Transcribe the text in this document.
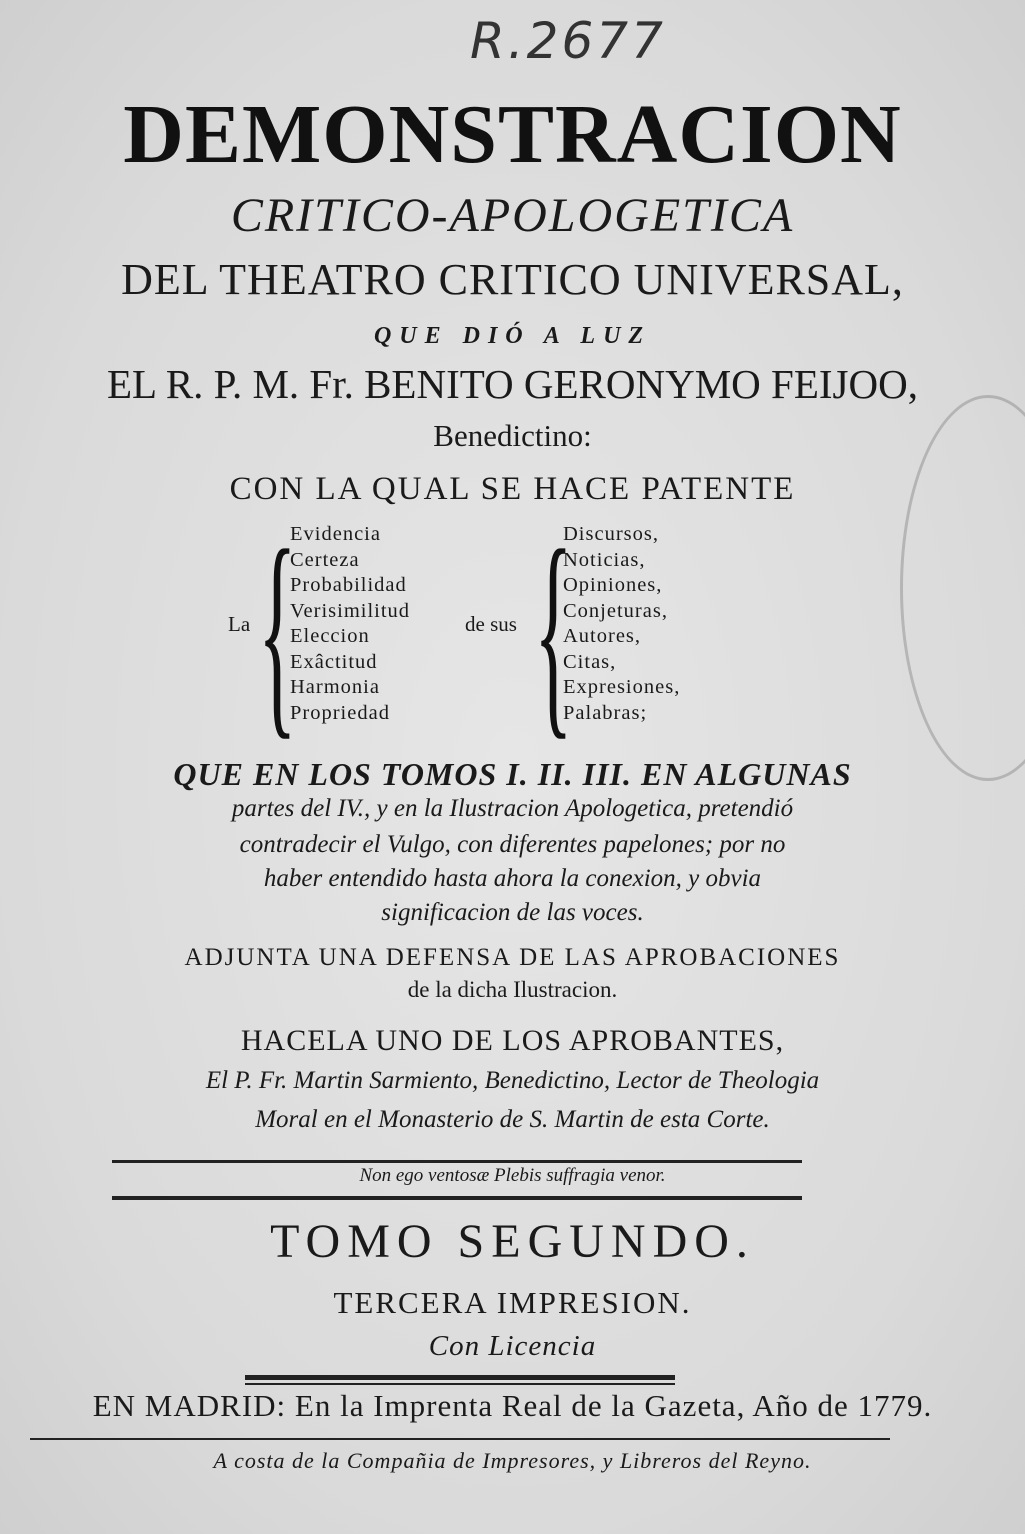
R.2677
DEMONSTRACION
CRITICO-APOLOGETICA
DEL THEATRO CRITICO UNIVERSAL,
QUE DIÓ A LUZ
EL R. P. M. Fr. BENITO GERONYMO FEIJOO,
Benedictino:
CON LA QUAL SE HACE PATENTE
La {
Evidencia
Certeza
Probabilidad
Verisimilitud
Eleccion
Exâctitud
Harmonia
Propriedad
de sus {
Discursos,
Noticias,
Opiniones,
Conjeturas,
Autores,
Citas,
Expresiones,
Palabras;
QUE EN LOS TOMOS I. II. III. EN ALGUNAS
partes del IV., y en la Ilustracion Apologetica, pretendió
contradecir el Vulgo, con diferentes papelones; por no
haber entendido hasta ahora la conexion, y obvia
significacion de las voces.
ADJUNTA UNA DEFENSA DE LAS APROBACIONES
de la dicha Ilustracion.
HACELA UNO DE LOS APROBANTES,
El P. Fr. Martin Sarmiento, Benedictino, Lector de Theologia
Moral en el Monasterio de S. Martin de esta Corte.
Non ego ventosæ Plebis suffragia venor.
TOMO SEGUNDO.
TERCERA IMPRESION.
Con Licencia
EN MADRID: En la Imprenta Real de la Gazeta, Año de 1779.
A costa de la Compañia de Impresores, y Libreros del Reyno.
